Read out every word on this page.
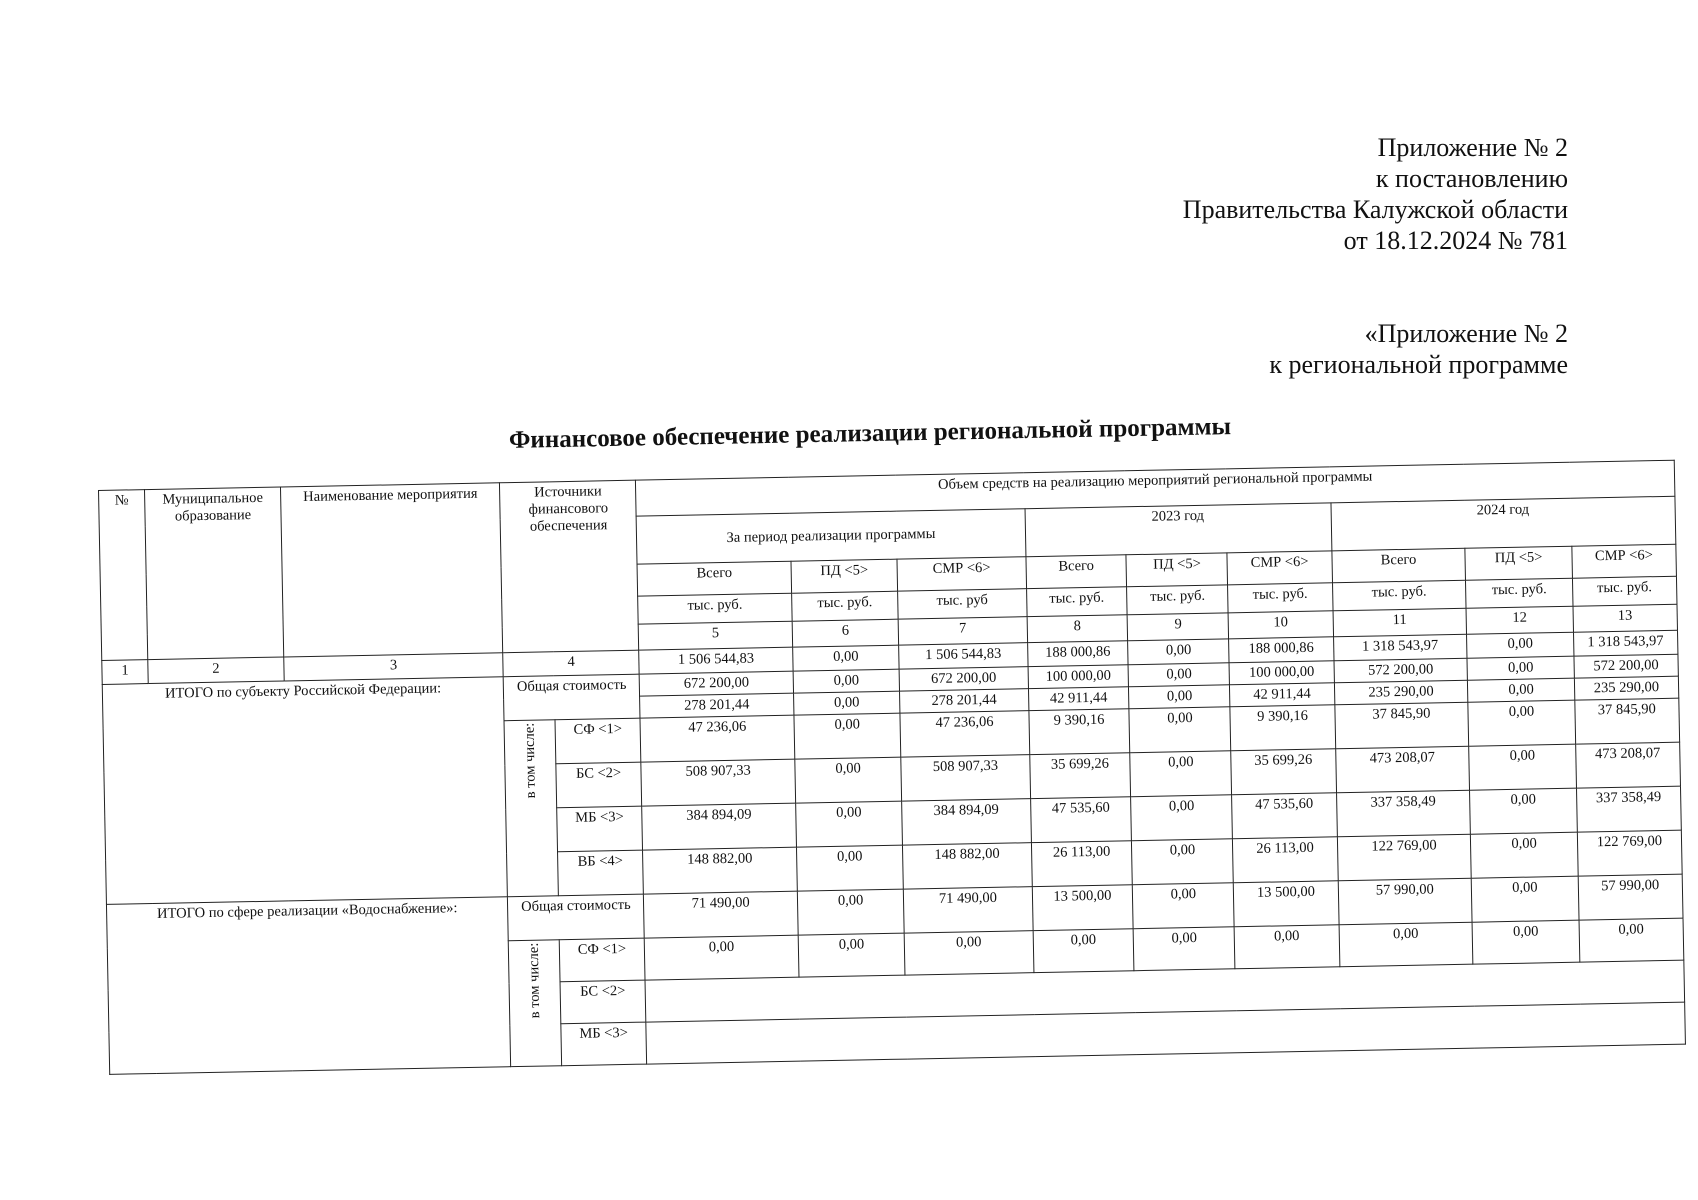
Приложение № 2
к постановлению
Правительства Калужской области
от 18.12.2024 № 781
«Приложение № 2
к региональной программе
Финансовое обеспечение реализации региональной программы
№	Муниципальное образование	Наименование мероприятия	Источники финансового обеспечения		Объем средств на реализацию мероприятий региональной программы								
					За период реализации программы			2023 год			2024 год		
					Всего	ПД <5>	СМР <6>	Всего	ПД <5>	СМР <6>	Всего	ПД <5>	СМР <6>
					тыс. руб.	тыс. руб.	тыс. руб	тыс. руб.	тыс. руб.	тыс. руб.	тыс. руб.	тыс. руб.	тыс. руб.
					5	6	7	8	9	10	11	12	13
1	2	3	4		1 506 544,83	0,00	1 506 544,83	188 000,86	0,00	188 000,86	1 318 543,97	0,00	1 318 543,97
ИТОГО по субъекту Российской Федерации:			Общая стоимость		672 200,00	0,00	672 200,00	100 000,00	0,00	100 000,00	572 200,00	0,00	572 200,00
					278 201,44	0,00	278 201,44	42 911,44	0,00	42 911,44	235 290,00	0,00	235 290,00
			в том числе:	СФ <1>	47 236,06	0,00	47 236,06	9 390,16	0,00	9 390,16	37 845,90	0,00	37 845,90
				БС <2>	508 907,33	0,00	508 907,33	35 699,26	0,00	35 699,26	473 208,07	0,00	473 208,07
				МБ <3>	384 894,09	0,00	384 894,09	47 535,60	0,00	47 535,60	337 358,49	0,00	337 358,49
				ВБ <4>	148 882,00	0,00	148 882,00	26 113,00	0,00	26 113,00	122 769,00	0,00	122 769,00
ИТОГО по сфере реализации «Водоснабжение»:			Общая стоимость		71 490,00	0,00	71 490,00	13 500,00	0,00	13 500,00	57 990,00	0,00	57 990,00
			в том числе:	СФ <1>	0,00	0,00	0,00	0,00	0,00	0,00	0,00	0,00	0,00
				БС <2>									
				МБ <3>									
